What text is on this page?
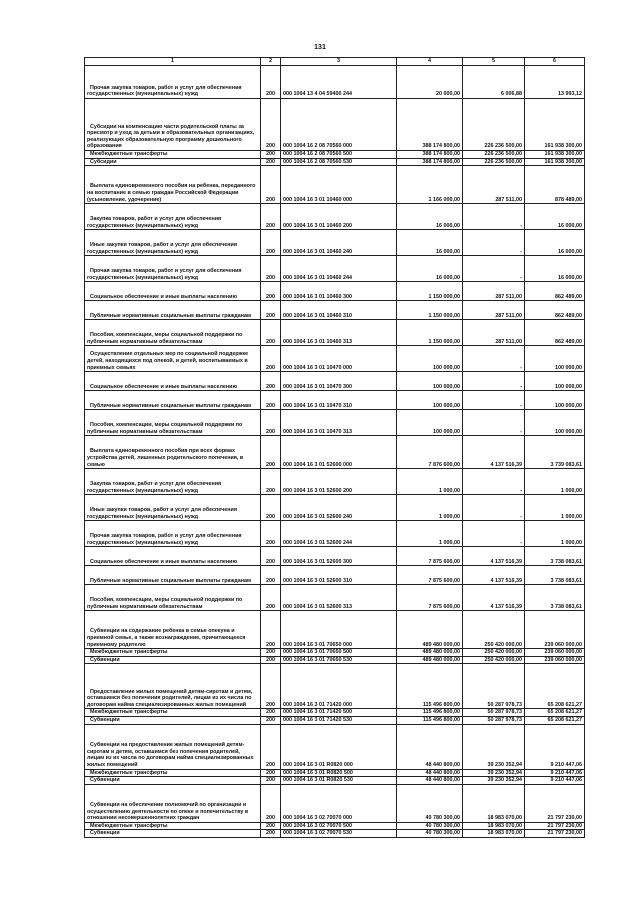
131
1	2	3	4	5	6

Прочая закупка товаров, работ и услуг для обеспечения государственных (муниципальных) нужд	200	000 1004 13 4 04 59400 244	20 000,00	6 006,88	13 993,12

Субсидии на компенсацию части родительской платы за присмотр и уход за детьми в образовательных организациях, реализующих образовательную программу дошкольного образования	200	000 1004 16 2 08 70560 000	388 174 800,00	226 236 500,00	161 938 300,00

Межбюджетные трансферты	200	000 1004 16 2 08 70560 500	388 174 800,00	226 236 500,00	161 938 300,00

Субсидии	200	000 1004 16 2 08 70560 530	388 174 800,00	226 236 500,00	161 938 300,00

Выплата единовременного пособия на ребенка, переданного на воспитание в семью граждан Российской Федерации (усыновление, удочерение)	200	000 1004 16 3 01 10460 000	1 166 000,00	287 511,00	878 489,00

Закупка товаров, работ и услуг для обеспечения государственных (муниципальных) нужд	200	000 1004 16 3 01 10460 200	16 000,00	-	16 000,00

Иные закупки товаров, работ и услуг для обеспечения государственных (муниципальных) нужд	200	000 1004 16 3 01 10460 240	16 000,00	-	16 000,00

Прочая закупка товаров, работ и услуг для обеспечения государственных (муниципальных) нужд	200	000 1004 16 3 01 10460 244	16 000,00	-	16 000,00

Социальное обеспечение и иные выплаты населению	200	000 1004 16 3 01 10460 300	1 150 000,00	287 511,00	862 489,00

Публичные нормативные социальные выплаты гражданам	200	000 1004 16 3 01 10460 310	1 150 000,00	287 511,00	862 489,00

Пособия, компенсации, меры социальной поддержки по публичным нормативным обязательствам	200	000 1004 16 3 01 10460 313	1 150 000,00	287 511,00	862 489,00

Осуществление отдельных мер по социальной поддержке детей, находящихся под опекой, и детей, воспитываемых в приемных семьях	200	000 1004 16 3 01 10470 000	100 000,00	-	100 000,00

Социальное обеспечение и иные выплаты населению	200	000 1004 16 3 01 10470 300	100 000,00	-	100 000,00

Публичные нормативные социальные выплаты гражданам	200	000 1004 16 3 01 10470 310	100 000,00	-	100 000,00

Пособия, компенсации, меры социальной поддержки по публичным нормативным обязательствам	200	000 1004 16 3 01 10470 313	100 000,00	-	100 000,00

Выплата единовременного пособия при всех формах устройства детей, лишенных родительского попечения, в семью	200	000 1004 16 3 01 52600 000	7 876 600,00	4 137 516,39	3 739 083,61

Закупка товаров, работ и услуг для обеспечения государственных (муниципальных) нужд	200	000 1004 16 3 01 52600 200	1 000,00	-	1 000,00

Иные закупки товаров, работ и услуг для обеспечения государственных (муниципальных) нужд	200	000 1004 16 3 01 52600 240	1 000,00	-	1 000,00

Прочая закупка товаров, работ и услуг для обеспечения государственных (муниципальных) нужд	200	000 1004 16 3 01 52600 244	1 000,00	-	1 000,00

Социальное обеспечение и иные выплаты населению	200	000 1004 16 3 01 52600 300	7 875 600,00	4 137 516,39	3 738 083,61

Публичные нормативные социальные выплаты гражданам	200	000 1004 16 3 01 52600 310	7 875 600,00	4 137 516,39	3 738 083,61

Пособия, компенсации, меры социальной поддержки по публичным нормативным обязательствам	200	000 1004 16 3 01 52600 313	7 875 600,00	4 137 516,39	3 738 083,61

Субвенции на содержание ребенка в семье опекуна и приемной семье, а также вознаграждение, причитающееся приемному родителю	200	000 1004 16 3 01 70650 000	489 480 000,00	250 420 000,00	239 060 000,00

Межбюджетные трансферты	200	000 1004 16 3 01 70650 500	489 480 000,00	250 420 000,00	239 060 000,00

Субвенции	200	000 1004 16 3 01 70650 530	489 480 000,00	250 420 000,00	239 060 000,00

Предоставление жилых помещений детям-сиротам и детям, оставшимся без попечения родителей, лицам из их числа по договорам найма специализированных жилых помещений	200	000 1004 16 3 01 71420 000	115 496 800,00	50 287 978,73	65 208 621,27

Межбюджетные трансферты	200	000 1004 16 3 01 71420 500	115 496 800,00	50 287 978,73	65 208 621,27

Субвенции	200	000 1004 16 3 01 71420 530	115 496 800,00	50 287 978,73	65 208 621,27

Субвенции на предоставление жилых помещений детям-сиротам и детям, оставшимся без попечения родителей, лицам из их числа по договорам найма специализированных жилых помещений	200	000 1004 16 3 01 R0820 000	48 440 800,00	39 230 352,94	9 210 447,06

Межбюджетные трансферты	200	000 1004 16 3 01 R0820 500	48 440 800,00	39 230 352,94	9 210 447,06

Субвенции	200	000 1004 16 3 01 R0820 530	48 440 800,00	39 230 352,94	9 210 447,06

Субвенции на обеспечение полномочий по организации и осуществлению деятельности по опеке и попечительству в отношении несовершеннолетних граждан	200	000 1004 16 3 02 70070 000	40 780 300,00	18 983 070,00	21 797 230,00

Межбюджетные трансферты	200	000 1004 16 3 02 70070 500	40 780 300,00	18 983 070,00	21 797 230,00

Субвенции	200	000 1004 16 3 02 70070 530	40 780 300,00	18 983 070,00	21 797 230,00
